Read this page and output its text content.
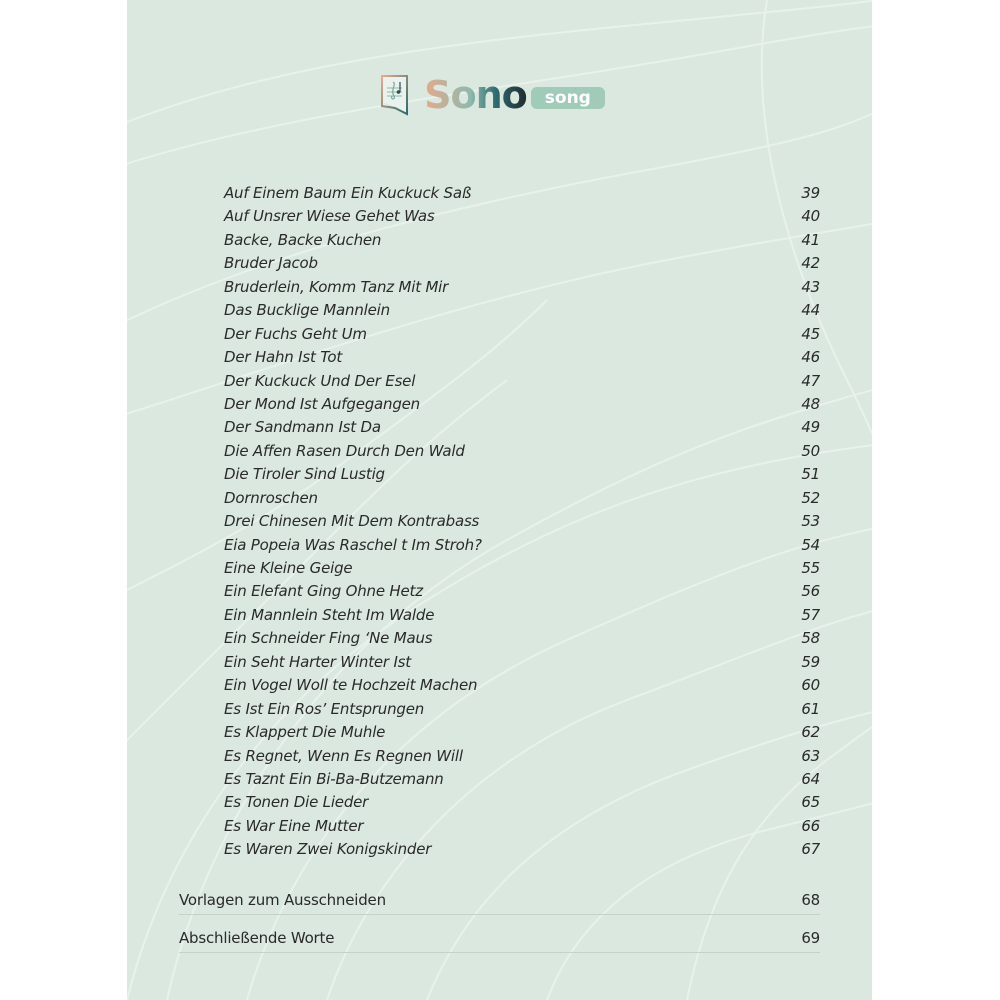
Sono	song
Auf Einem Baum Ein Kuckuck Saß	39
Auf Unsrer Wiese Gehet Was	40
Backe, Backe Kuchen	41
Bruder Jacob	42
Bruderlein, Komm Tanz Mit Mir	43
Das Bucklige Mannlein	44
Der Fuchs Geht Um	45
Der Hahn Ist Tot	46
Der Kuckuck Und Der Esel	47
Der Mond Ist Aufgegangen	48
Der Sandmann Ist Da	49
Die Affen Rasen Durch Den Wald	50
Die Tiroler Sind Lustig	51
Dornroschen	52
Drei Chinesen Mit Dem Kontrabass	53
Eia Popeia Was Raschel t Im Stroh?	54
Eine Kleine Geige	55
Ein Elefant Ging Ohne Hetz	56
Ein Mannlein Steht Im Walde	57
Ein Schneider Fing ‘Ne Maus	58
Ein Seht Harter Winter Ist	59
Ein Vogel Woll te Hochzeit Machen	60
Es Ist Ein Ros’ Entsprungen	61
Es Klappert Die Muhle	62
Es Regnet, Wenn Es Regnen Will	63
Es Taznt Ein Bi-Ba-Butzemann	64
Es Tonen Die Lieder	65
Es War Eine Mutter	66
Es Waren Zwei Konigskinder	67
Vorlagen zum Ausschneiden	68
Abschließende Worte	69
